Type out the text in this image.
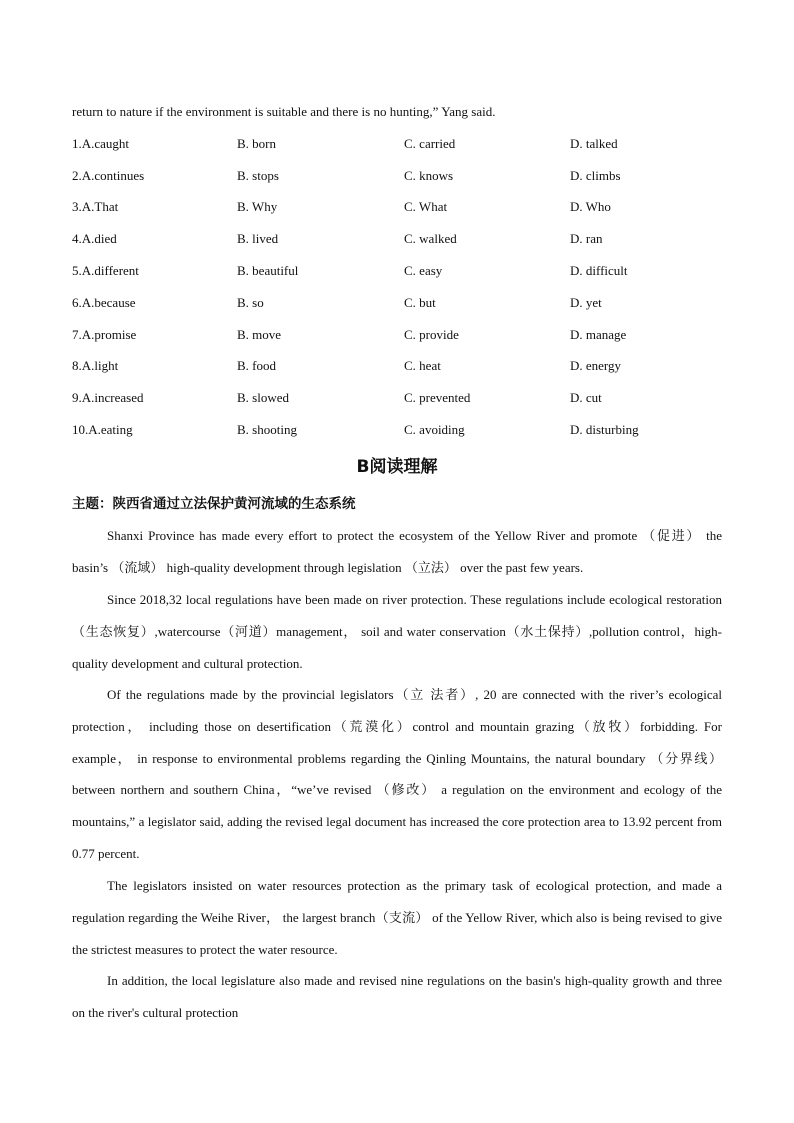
return to nature if the environment is suitable and there is no hunting,” Yang said.
1.A.caught	B. born	C. carried	D. talked
2.A.continues	B. stops	C. knows	D. climbs
3.A.That	B. Why	C. What	D. Who
4.A.died	B. lived	C. walked	D. ran
5.A.different	B. beautiful	C. easy	D. difficult
6.A.because	B. so	C. but	D. yet
7.A.promise	B. move	C. provide	D. manage
8.A.light	B. food	C. heat	D. energy
9.A.increased	B. slowed	C. prevented	D. cut
10.A.eating	B. shooting	C. avoiding	D. disturbing
B阅读理解
主题：陕西省通过立法保护黄河流域的生态系统
Shanxi Province has made every effort to protect the ecosystem of the Yellow River and promote （促进） the basin’s （流域） high-quality development through legislation （立法） over the past few years.
Since 2018,32 local regulations have been made on river protection. These regulations include ecological restoration （生态恢复）,watercourse（河道）management， soil and water conservation（水土保持）,pollution control，high-quality development and cultural protection.
Of the regulations made by the provincial legislators（立 法者）, 20 are connected with the river’s ecological protection， including those on desertification（荒漠化）control and mountain grazing（放牧）forbidding. For example， in response to environmental problems regarding the Qinling Mountains, the natural boundary （分界线） between northern and southern China，“we’ve revised （修改） a regulation on the environment and ecology of the mountains,” a legislator said, adding the revised legal document has increased the core protection area to 13.92 percent from 0.77 percent.
The legislators insisted on water resources protection as the primary task of ecological protection, and made a regulation regarding the Weihe River， the largest branch（支流） of the Yellow River, which also is being revised to give the strictest measures to protect the water resource.
In addition, the local legislature also made and revised nine regulations on the basin's high-quality growth and three on the river's cultural protection
